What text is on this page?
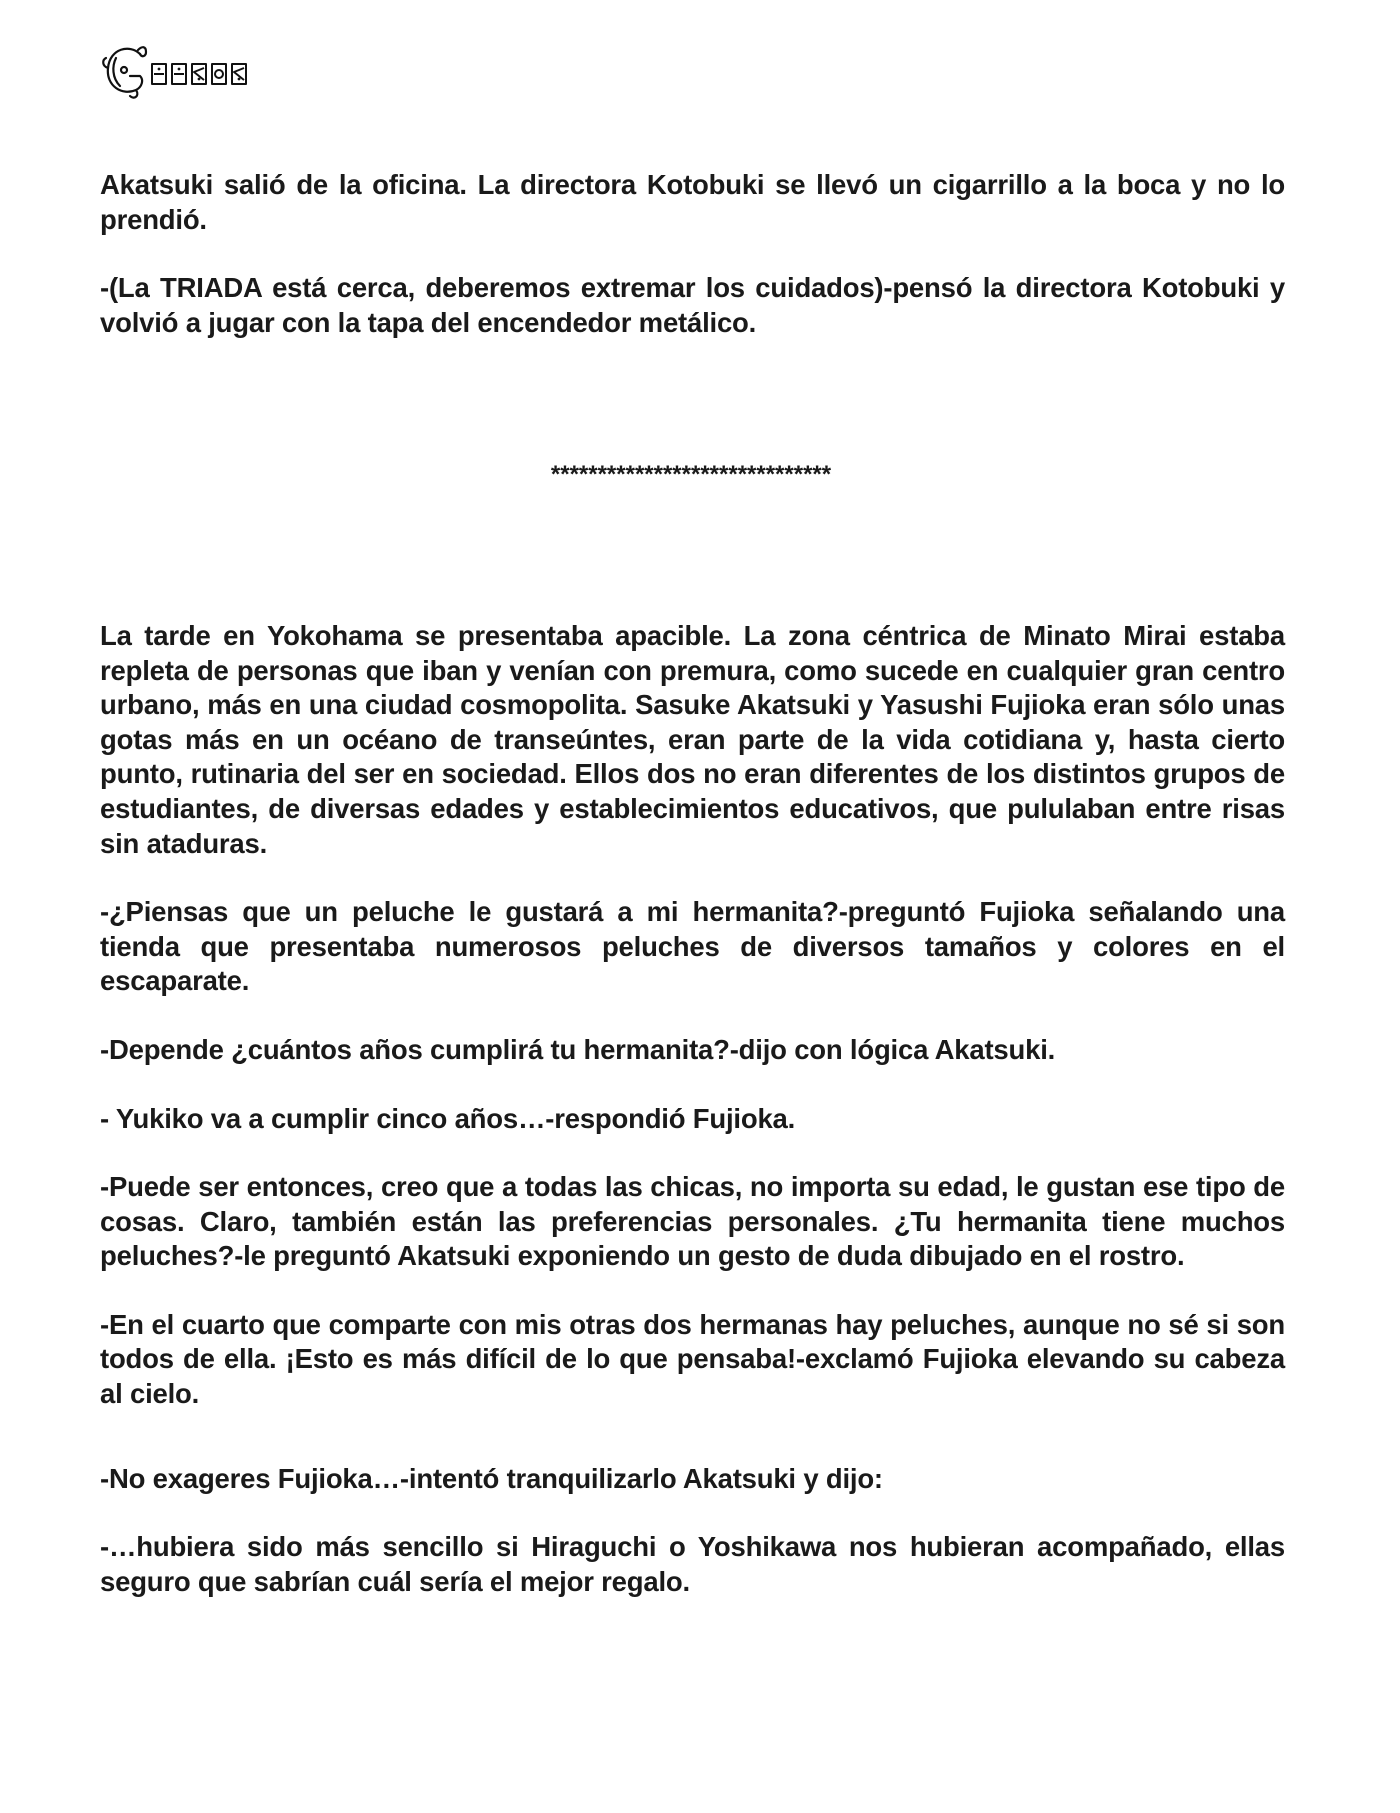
Akatsuki salió de la oficina. La directora Kotobuki se llevó un cigarrillo a la boca y no lo prendió.

-(La TRIADA está cerca, deberemos extremar los cuidados)-pensó la directora Kotobuki y volvió a jugar con la tapa del encendedor metálico.

******************************

La tarde en Yokohama se presentaba apacible. La zona céntrica de Minato Mirai estaba repleta de personas que iban y venían con premura, como sucede en cualquier gran centro urbano, más en una ciudad cosmopolita. Sasuke Akatsuki y Yasushi Fujioka eran sólo unas gotas más en un océano de transeúntes, eran parte de la vida cotidiana y, hasta cierto punto, rutinaria del ser en sociedad. Ellos dos no eran diferentes de los distintos grupos de estudiantes, de diversas edades y establecimientos educativos, que pululaban entre risas sin ataduras.

-¿Piensas que un peluche le gustará a mi hermanita?-preguntó Fujioka señalando una tienda que presentaba numerosos peluches de diversos tamaños y colores en el escaparate.

-Depende ¿cuántos años cumplirá tu hermanita?-dijo con lógica Akatsuki.

- Yukiko va a cumplir cinco años…-respondió Fujioka.

-Puede ser entonces, creo que a todas las chicas, no importa su edad, le gustan ese tipo de cosas. Claro, también están las preferencias personales. ¿Tu hermanita tiene muchos peluches?-le preguntó Akatsuki exponiendo un gesto de duda dibujado en el rostro.

-En el cuarto que comparte con mis otras dos hermanas hay peluches, aunque no sé si son todos de ella. ¡Esto es más difícil de lo que pensaba!-exclamó Fujioka elevando su cabeza al cielo.

-No exageres Fujioka…-intentó tranquilizarlo Akatsuki y dijo:

-…hubiera sido más sencillo si Hiraguchi o Yoshikawa nos hubieran acompañado, ellas seguro que sabrían cuál sería el mejor regalo.
